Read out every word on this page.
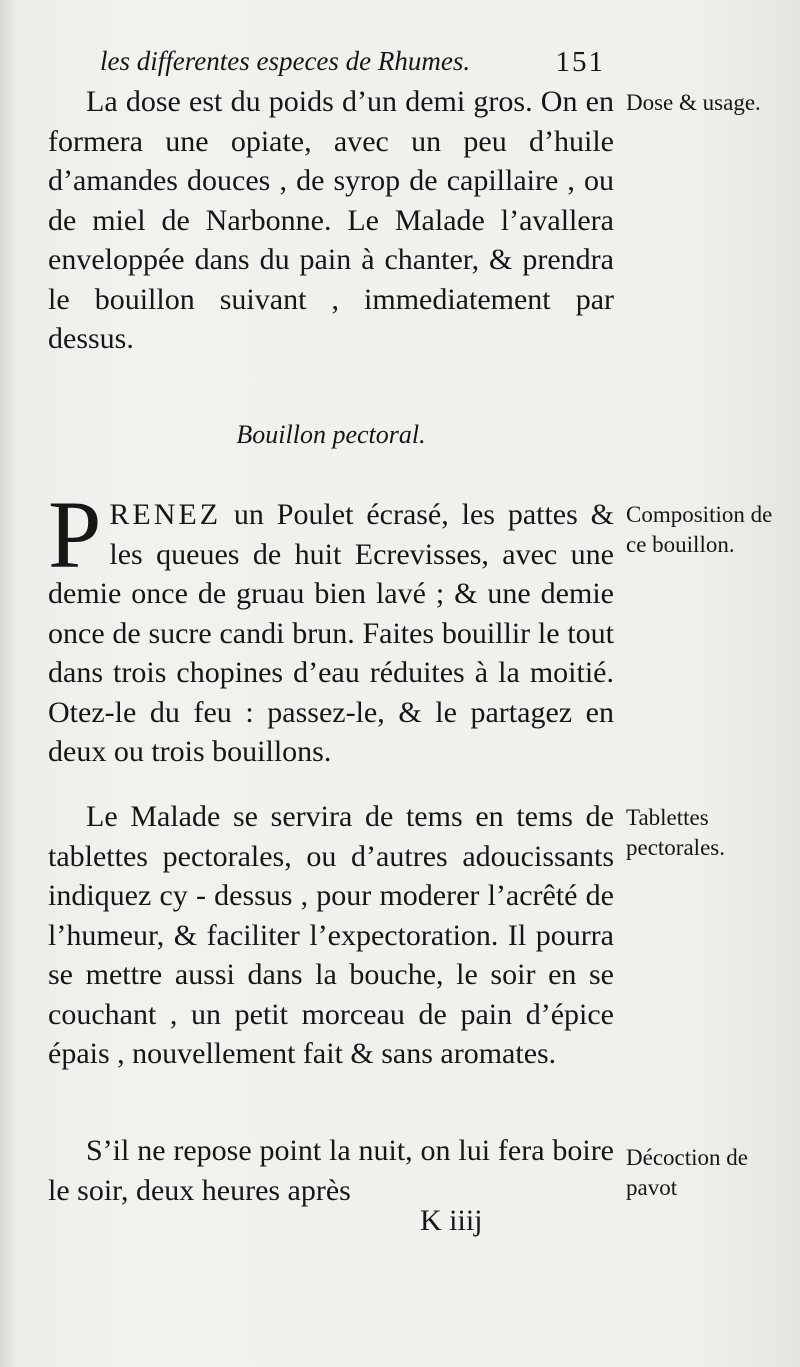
les differentes especes de Rhumes.	151
La dose est du poids d’un demi gros. On en formera une opiate, avec un peu d’huile d’amandes douces , de syrop de capillaire , ou de miel de Narbonne. Le Malade l’avallera enveloppée dans du pain à chanter, & prendra le bouillon suivant , immediatement par dessus.
Bouillon pectoral.
PRENEZ un Poulet écrasé, les pattes & les queues de huit Ecrevisses, avec une demie once de gruau bien lavé ; & une demie once de sucre candi brun. Faites bouillir le tout dans trois chopines d’eau réduites à la moitié. Otez-le du feu : passez-le, & le partagez en deux ou trois bouillons.
Le Malade se servira de tems en tems de tablettes pectorales, ou d’autres adoucissants indiquez cy - dessus , pour moderer l’acrêté de l’humeur, & faciliter l’expectoration. Il pourra se mettre aussi dans la bouche, le soir en se couchant , un petit morceau de pain d’épice épais , nouvellement fait & sans aromates.
S’il ne repose point la nuit, on lui fera boire le soir, deux heures après
K iiij
Dose & usage.
Composition de ce bouillon.
Tablettes pectorales.
Décoction de pavot
